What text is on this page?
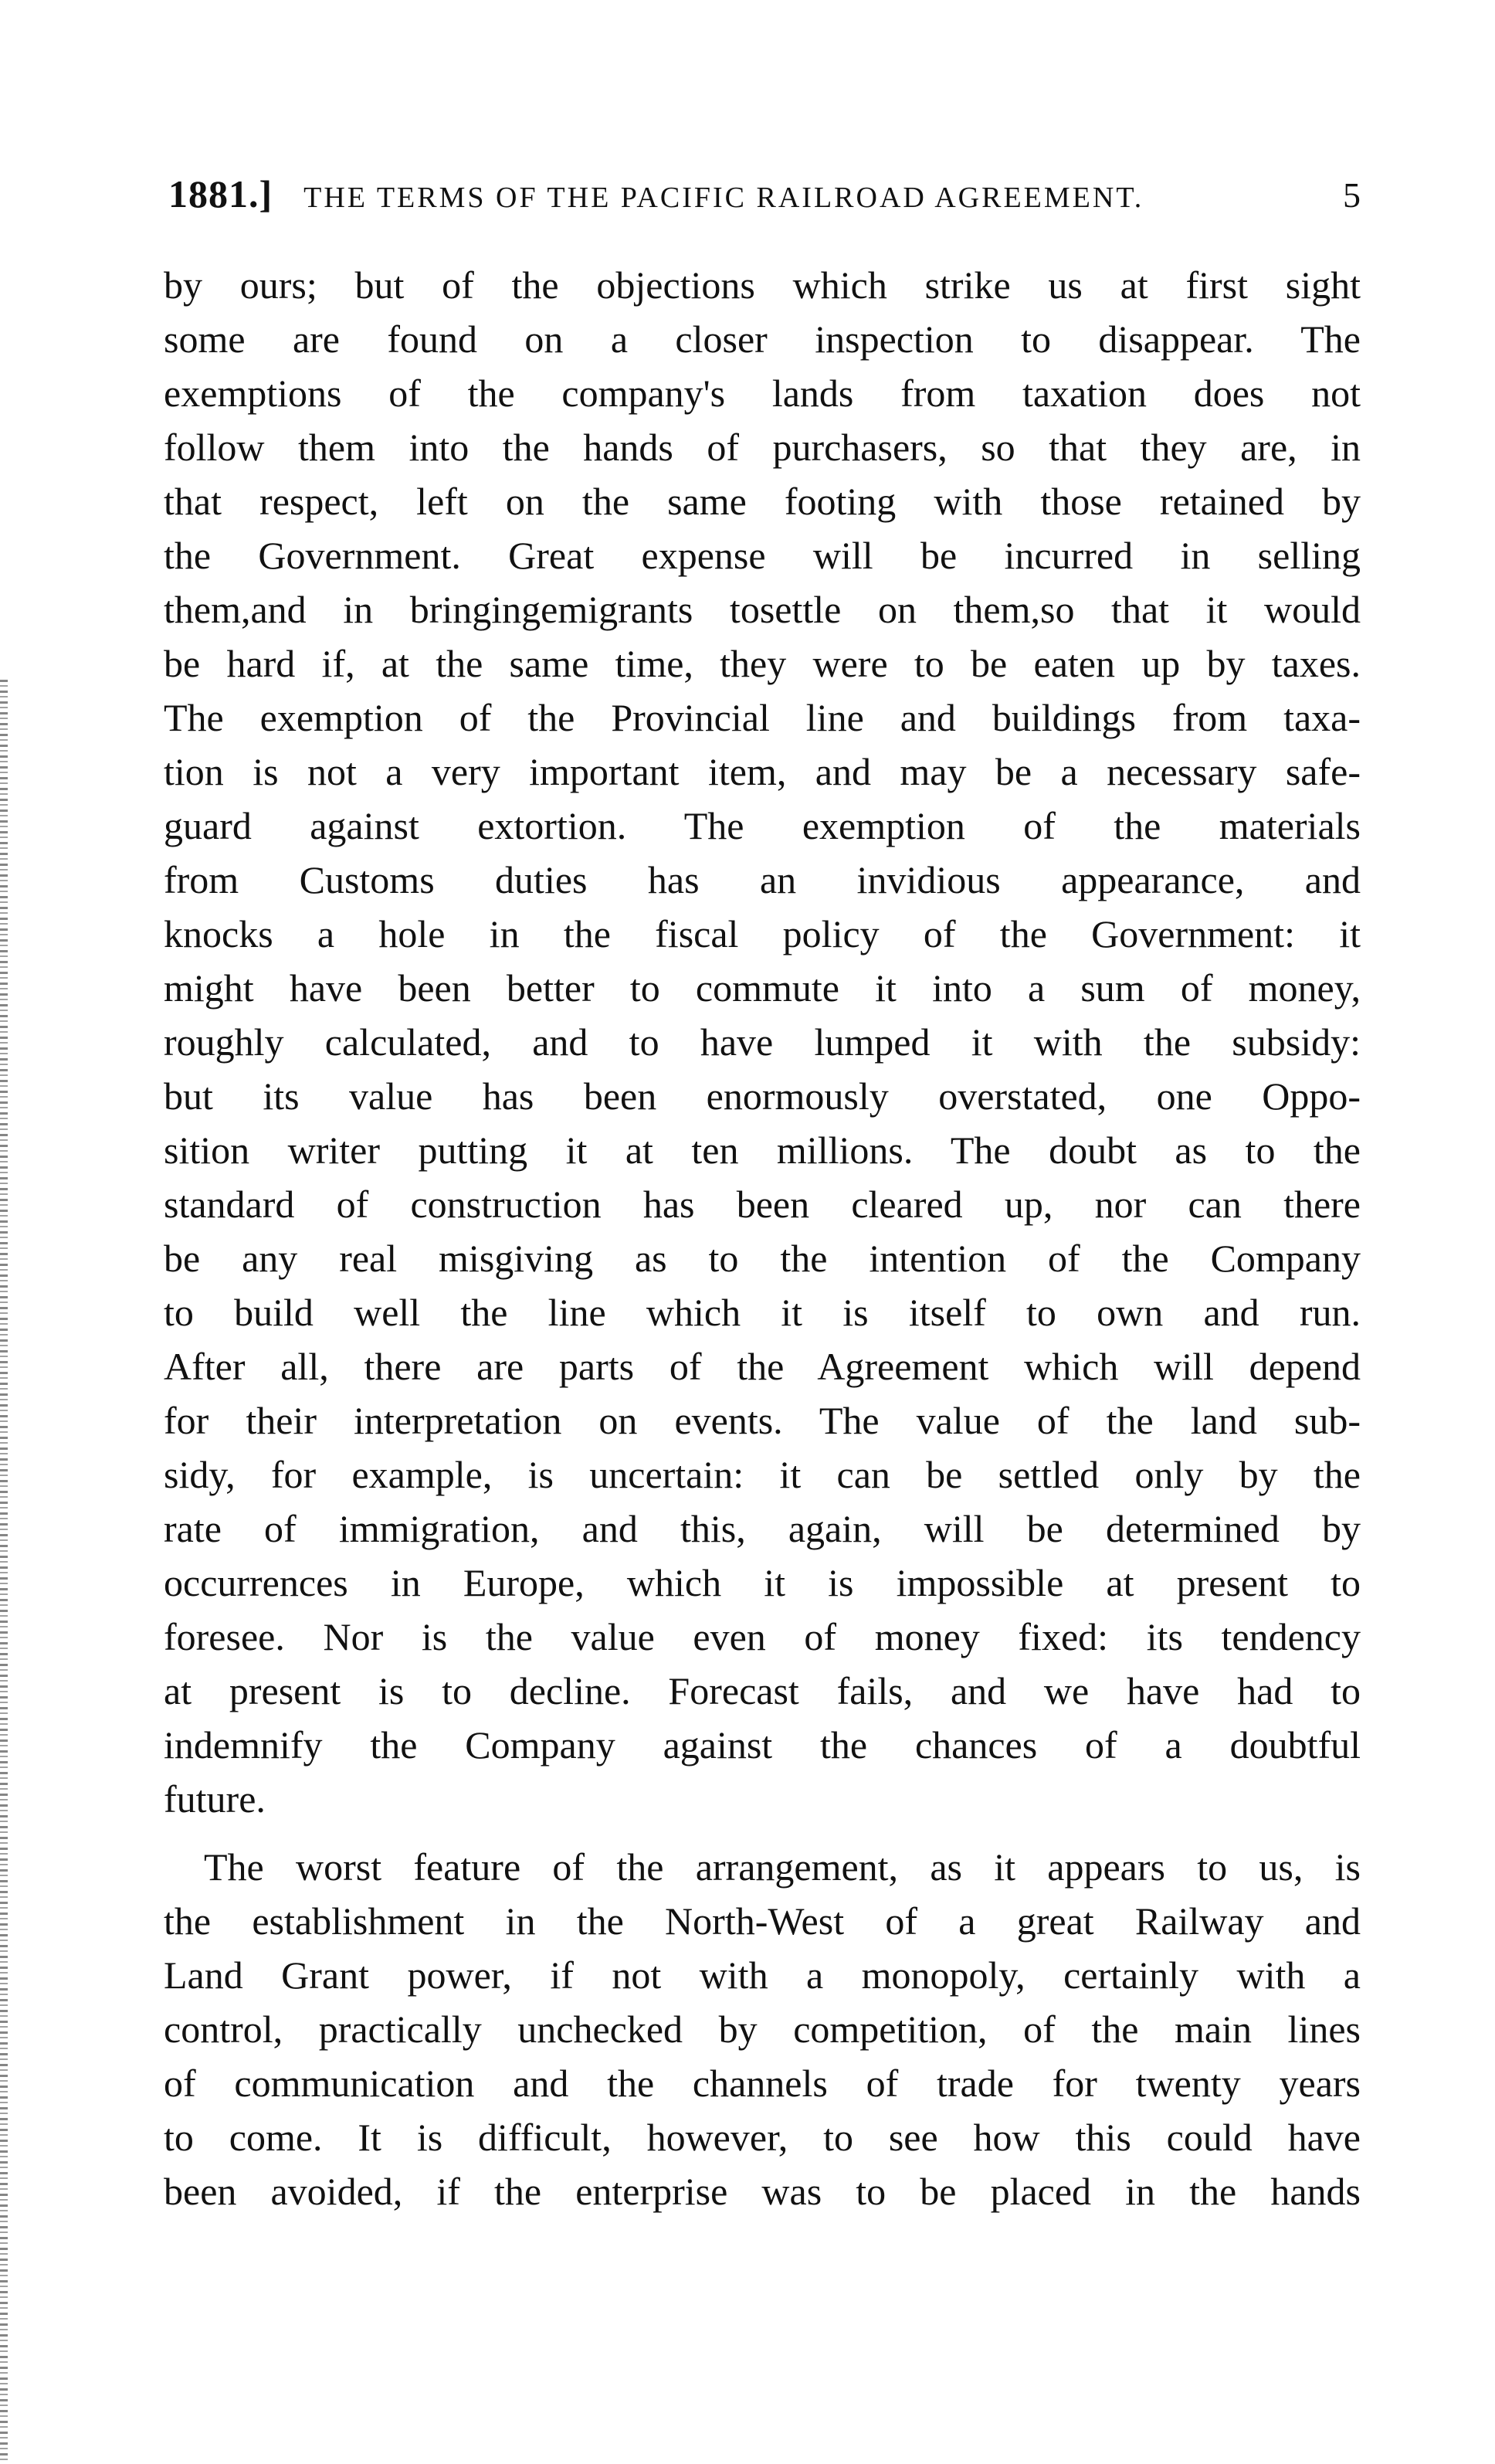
1881.] THE TERMS OF THE PACIFIC RAILROAD AGREEMENT.	5
by ours; but of the objections which strike us at first sight
some are found on a closer inspection to disappear. The
exemptions of the company's lands from taxation does not
follow them into the hands of purchasers, so that they are, in
that respect, left on the same footing with those retained by
the Government. Great expense will be incurred in selling
them,and in bringingemigrants tosettle on them,so that it would
be hard if, at the same time, they were to be eaten up by taxes.
The exemption of the Provincial line and buildings from taxa-
tion is not a very important item, and may be a necessary safe-
guard against extortion. The exemption of the materials
from Customs duties has an invidious appearance, and
knocks a hole in the fiscal policy of the Government: it
might have been better to commute it into a sum of money,
roughly calculated, and to have lumped it with the subsidy:
but its value has been enormously overstated, one Oppo-
sition writer putting it at ten millions. The doubt as to the
standard of construction has been cleared up, nor can there
be any real misgiving as to the intention of the Company
to build well the line which it is itself to own and run.
After all, there are parts of the Agreement which will depend
for their interpretation on events. The value of the land sub-
sidy, for example, is uncertain: it can be settled only by the
rate of immigration, and this, again, will be determined by
occurrences in Europe, which it is impossible at present to
foresee. Nor is the value even of money fixed: its tendency
at present is to decline. Forecast fails, and we have had to
indemnify the Company against the chances of a doubtful
future.
The worst feature of the arrangement, as it appears to us, is
the establishment in the North-West of a great Railway and
Land Grant power, if not with a monopoly, certainly with a
control, practically unchecked by competition, of the main lines
of communication and the channels of trade for twenty years
to come. It is difficult, however, to see how this could have
been avoided, if the enterprise was to be placed in the hands
